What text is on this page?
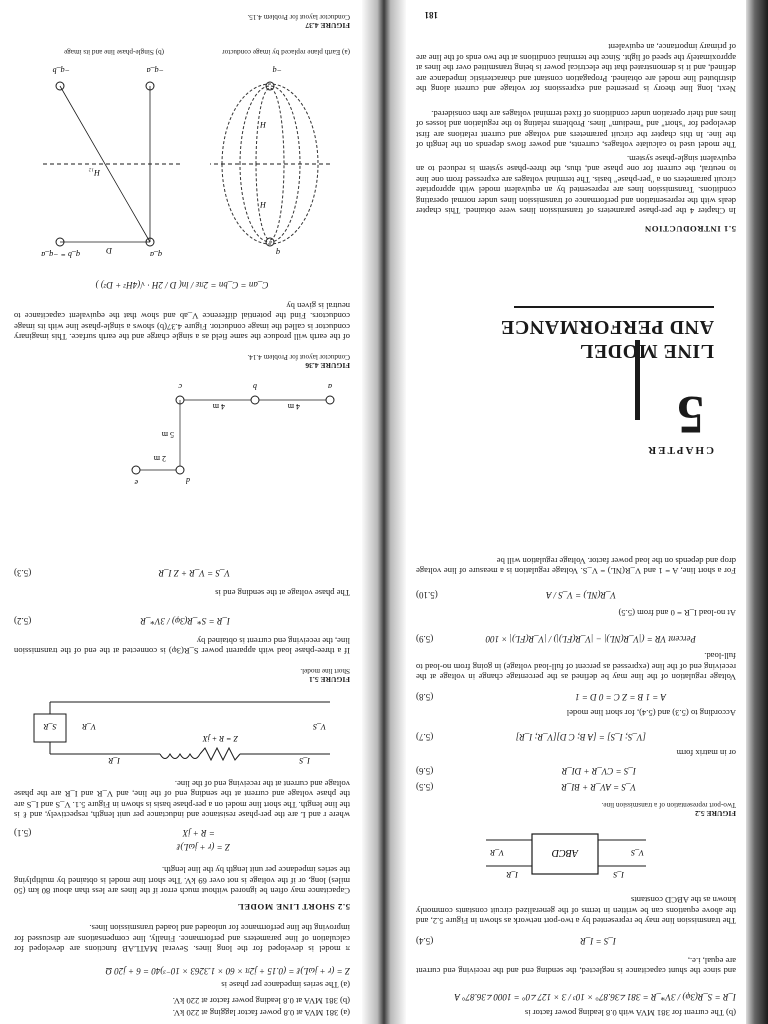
(b) The current for 381 MVA with 0.8 leading power factor is
I_R = S_R(3φ) / 3V*_R = 381∠36.87° × 10³ / 3 × 127∠0° = 1000∠36.87° A
and since the shunt capacitance is neglected, the sending end and the receiving end current are equal, i.e.,
I_S = I_R
(5.4)
The transmission line may be represented by a two-port network as shown in Figure 5.2, and the above equations can be written in terms of the generalized circuit constants commonly known as the ABCD constants
ABCD
I_S
I_R
V_S
V_R
FIGURE 5.2
Two-port representation of a transmission line.
V_S = AV_R + BI_R
(5.5)
I_S = CV_R + DI_R
(5.6)
or in matrix form
[V_S; I_S] = [A B; C D][V_R; I_R]
(5.7)
According to (5.3) and (5.4), for short line model
A = 1 B = Z C = 0 D = 1
(5.8)
Voltage regulation of the line may be defined as the percentage change in voltage at the receiving end of the line (expressed as percent of full-load voltage) in going from no-load to full-load.
Percent VR = (|V_R(NL)| − |V_R(FL)|) / |V_R(FL)| × 100
(5.9)
At no-load I_R = 0 and from (5.5)
V_R(NL) = V_S / A
(5.10)
For a short line, A = 1 and V_R(NL) = V_S. Voltage regulation is a measure of line voltage drop and depends on the load power factor. Voltage regulation will be
(a) 381 MVA at 0.8 power factor lagging at 220 kV.
(b) 381 MVA at 0.8 leading power factor at 220 kV.
(a) The series impedance per phase is
Z = (r + jωL)ℓ = (0.15 + j2π × 60 × 1.3263 × 10⁻³)40 = 6 + j20 Ω
π model is developed for the long lines. Several MATLAB functions are developed for calculation of line parameters and performance. Finally, line compensations are discussed for improving the line performance for unloaded and loaded transmission lines.
5.2 SHORT LINE MODEL
Capacitance may often be ignored without much error if the lines are less than about 80 km (50 miles) long, or if the voltage is not over 69 kV. The short line model is obtained by multiplying the series impedance per unit length by the line length.
Z = (r + jωL)ℓ
= R + jX
(5.1)
where r and L are the per-phase resistance and inductance per unit length, respectively, and ℓ is the line length. The short line model on a per-phase basis is shown in Figure 5.1. V_S and I_S are the phase voltage and current at the sending end of the line, and V_R and I_R are the phase voltage and current at the receiving end of the line.
S_R
Z = R + jX
I_S
I_R
V_S
V_R
FIGURE 5.1
Short line model.
If a three-phase load with apparent power S_R(3φ) is connected at the end of the transmission line, the receiving end current is obtained by
I_R = S*_R(3φ) / 3V*_R
(5.2)
The phase voltage at the sending end is
V_S = V_R + Z I_R
(5.3)
CHAPTER
5
LINE MODEL
AND PERFORMANCE
5.1 INTRODUCTION
In Chapter 4 the per-phase parameters of transmission lines were obtained. This chapter deals with the representation and performance of transmission lines under normal operating conditions. Transmission lines are represented by an equivalent model with appropriate circuit parameters on a "per-phase" basis. The terminal voltages are expressed from one line to neutral, the current for one phase and, thus, the three-phase system is reduced to an equivalent single-phase system.
The model used to calculate voltages, currents, and power flows depends on the length of the line. In this chapter the circuit parameters and voltage and current relations are first developed for "short" and "medium" lines. Problems relating to the regulation and losses of lines and their operation under conditions of fixed terminal voltages are then considered.
Next, long line theory is presented and expressions for voltage and current along the distributed line model are obtained. Propagation constant and characteristic impedance are defined, and it is demonstrated that the electrical power is being transmitted over the lines at approximately the speed of light. Since the terminal conditions at the two ends of the line are of primary importance, an equivalent
181
a
b
c
d
e
4 m
4 m
5 m
2 m
FIGURE 4.36
Conductor layout for Problem 4.14.
of the earth will produce the same field as a single charge and the earth surface. This imaginary conductor is called the image conductor. Figure 4.37(b) shows a single-phase line with its image conductors. Find the potential difference V_ab and show that the equivalent capacitance to neutral is given by
C_an = C_bn = 2πε / ln( D / 2H · √(4H² + D²) )
H
H
q
−q
D
H₁₂
q_a
q_b = −q_a
−q_a
−q_b
(a) Earth plane replaced by image conductor
(b) Single-phase line and its image
FIGURE 4.37
Conductor layout for Problem 4.15.
